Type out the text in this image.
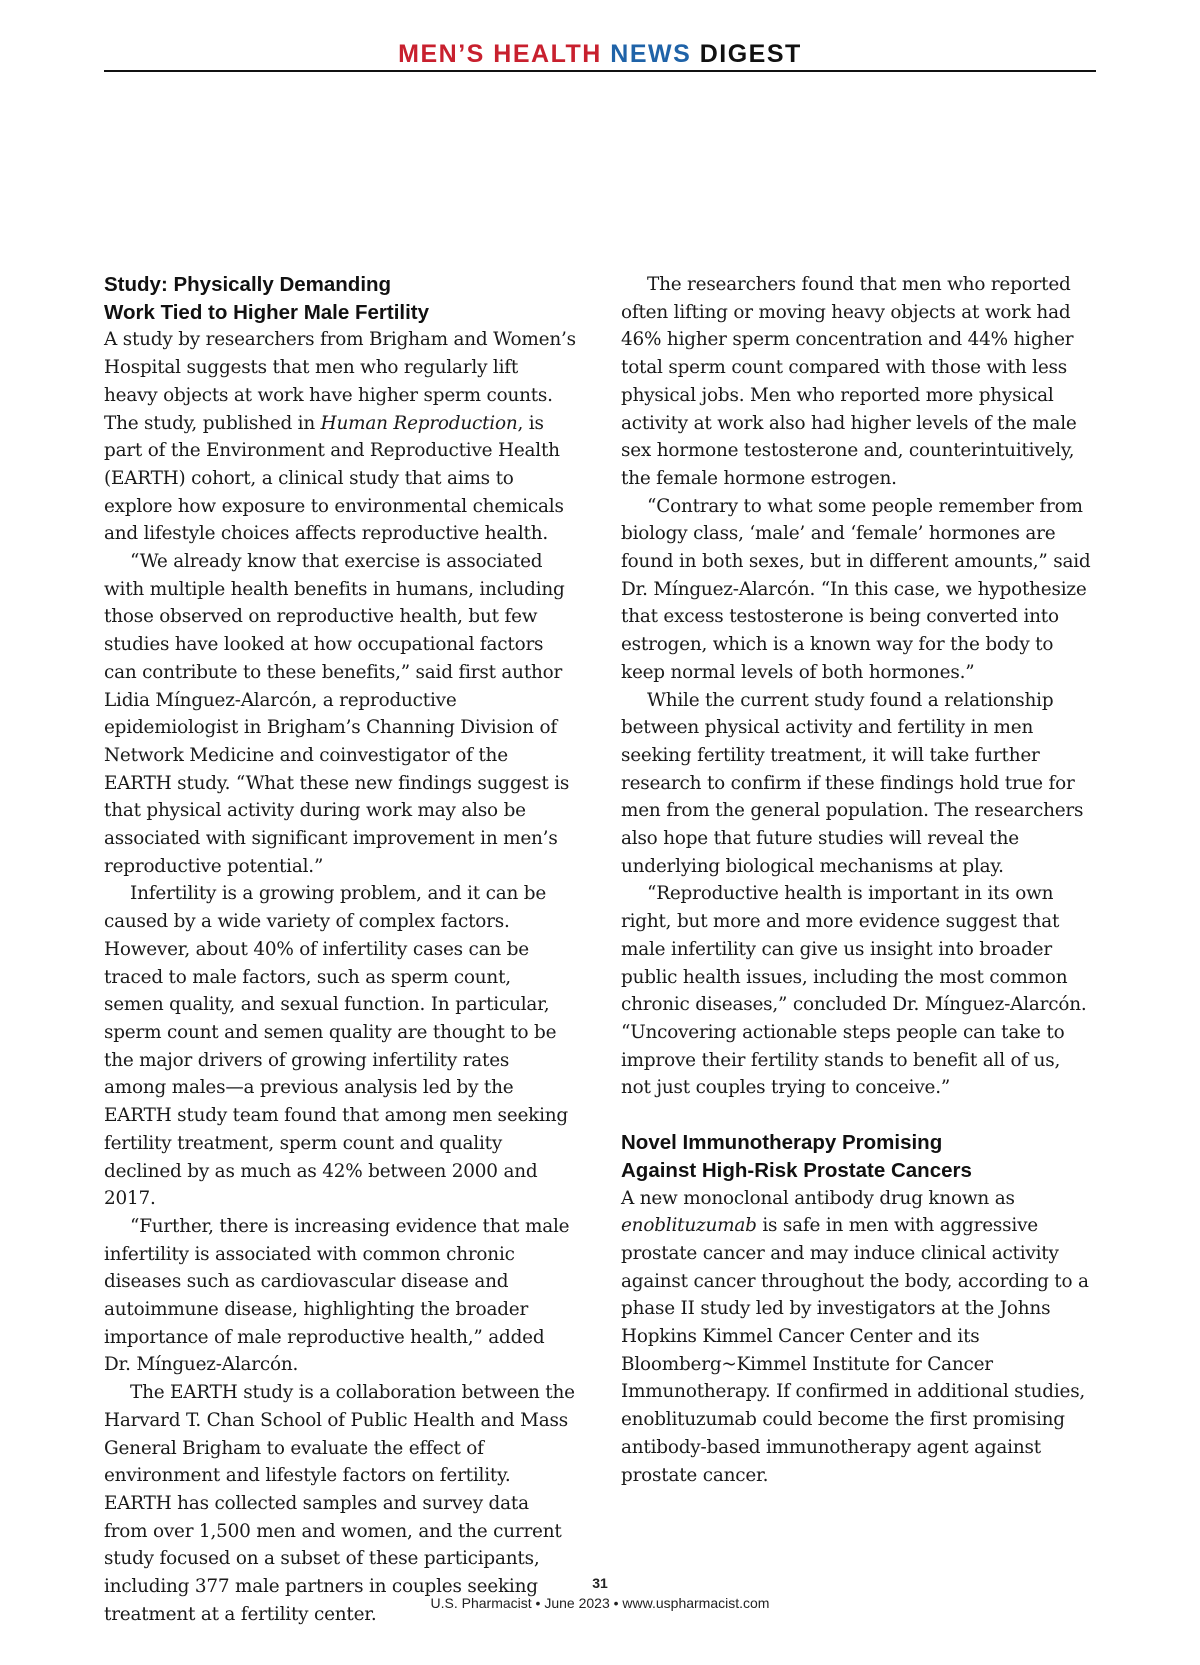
MEN’S HEALTH NEWS DIGEST
Study: Physically Demanding
Work Tied to Higher Male Fertility

A study by researchers from Brigham and Women’s Hospital suggests that men who regularly lift heavy objects at work have higher sperm counts. The study, published in Human Reproduction, is part of the Environment and Reproductive Health (EARTH) cohort, a clinical study that aims to explore how exposure to environmental chemicals and lifestyle choices affects reproductive health.

“We already know that exercise is associated with multiple health benefits in humans, including those observed on reproductive health, but few studies have looked at how occupational factors can contribute to these benefits,” said first author Lidia Mínguez-Alarcón, a reproductive epidemiologist in Brigham’s Channing Division of Network Medicine and coinvestigator of the EARTH study. “What these new findings suggest is that physical activity during work may also be associated with significant improvement in men’s reproductive potential.”

Infertility is a growing problem, and it can be caused by a wide variety of complex factors. However, about 40% of infertility cases can be traced to male factors, such as sperm count, semen quality, and sexual function. In particular, sperm count and semen quality are thought to be the major drivers of growing infertility rates among males—a previous analysis led by the EARTH study team found that among men seeking fertility treatment, sperm count and quality declined by as much as 42% between 2000 and 2017.

“Further, there is increasing evidence that male infertility is associated with common chronic diseases such as cardiovascular disease and autoimmune disease, highlighting the broader importance of male reproductive health,” added Dr. Mínguez-Alarcón.

The EARTH study is a collaboration between the Harvard T. Chan School of Public Health and Mass General Brigham to evaluate the effect of environment and lifestyle factors on fertility. EARTH has collected samples and survey data from over 1,500 men and women, and the current study focused on a subset of these participants, including 377 male partners in couples seeking treatment at a fertility center.

The researchers found that men who reported often lifting or moving heavy objects at work had 46% higher sperm concentration and 44% higher total sperm count compared with those with less physical jobs. Men who reported more physical activity at work also had higher levels of the male sex hormone testosterone and, counterintuitively, the female hormone estrogen.

“Contrary to what some people remember from biology class, ‘male’ and ‘female’ hormones are found in both sexes, but in different amounts,” said Dr. Mínguez-Alarcón. “In this case, we hypothesize that excess testosterone is being converted into estrogen, which is a known way for the body to keep normal levels of both hormones.”

While the current study found a relationship between physical activity and fertility in men seeking fertility treatment, it will take further research to confirm if these findings hold true for men from the general population. The researchers also hope that future studies will reveal the underlying biological mechanisms at play.

“Reproductive health is important in its own right, but more and more evidence suggest that male infertility can give us insight into broader public health issues, including the most common chronic diseases,” concluded Dr. Mínguez-Alarcón. “Uncovering actionable steps people can take to improve their fertility stands to benefit all of us, not just couples trying to conceive.”

Novel Immunotherapy Promising
Against High-Risk Prostate Cancers

A new monoclonal antibody drug known as enoblituzumab is safe in men with aggressive prostate cancer and may induce clinical activity against cancer throughout the body, according to a phase II study led by investigators at the Johns Hopkins Kimmel Cancer Center and its Bloomberg~Kimmel Institute for Cancer Immunotherapy. If confirmed in additional studies, enoblituzumab could become the first promising antibody-based immunotherapy agent against prostate cancer.

31
U.S. Pharmacist • June 2023 • www.uspharmacist.com
